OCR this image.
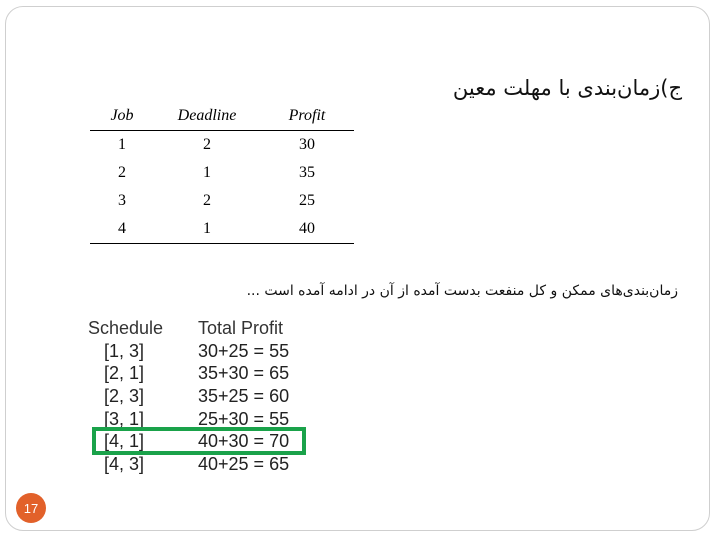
ج)زمان‌بندی با مهلت معین
Job	Deadline	Profit
1	2	30
2	1	35
3	2	25
4	1	40
زمان‌بندی‌های ممکن و کل منفعت بدست آمده از آن در ادامه آمده است ...
Schedule	Total Profit
[1, 3]	30+25 = 55
[2, 1]	35+30 = 65
[2, 3]	35+25 = 60
[3, 1]	25+30 = 55
[4, 1]	40+30 = 70
[4, 3]	40+25 = 65
17
